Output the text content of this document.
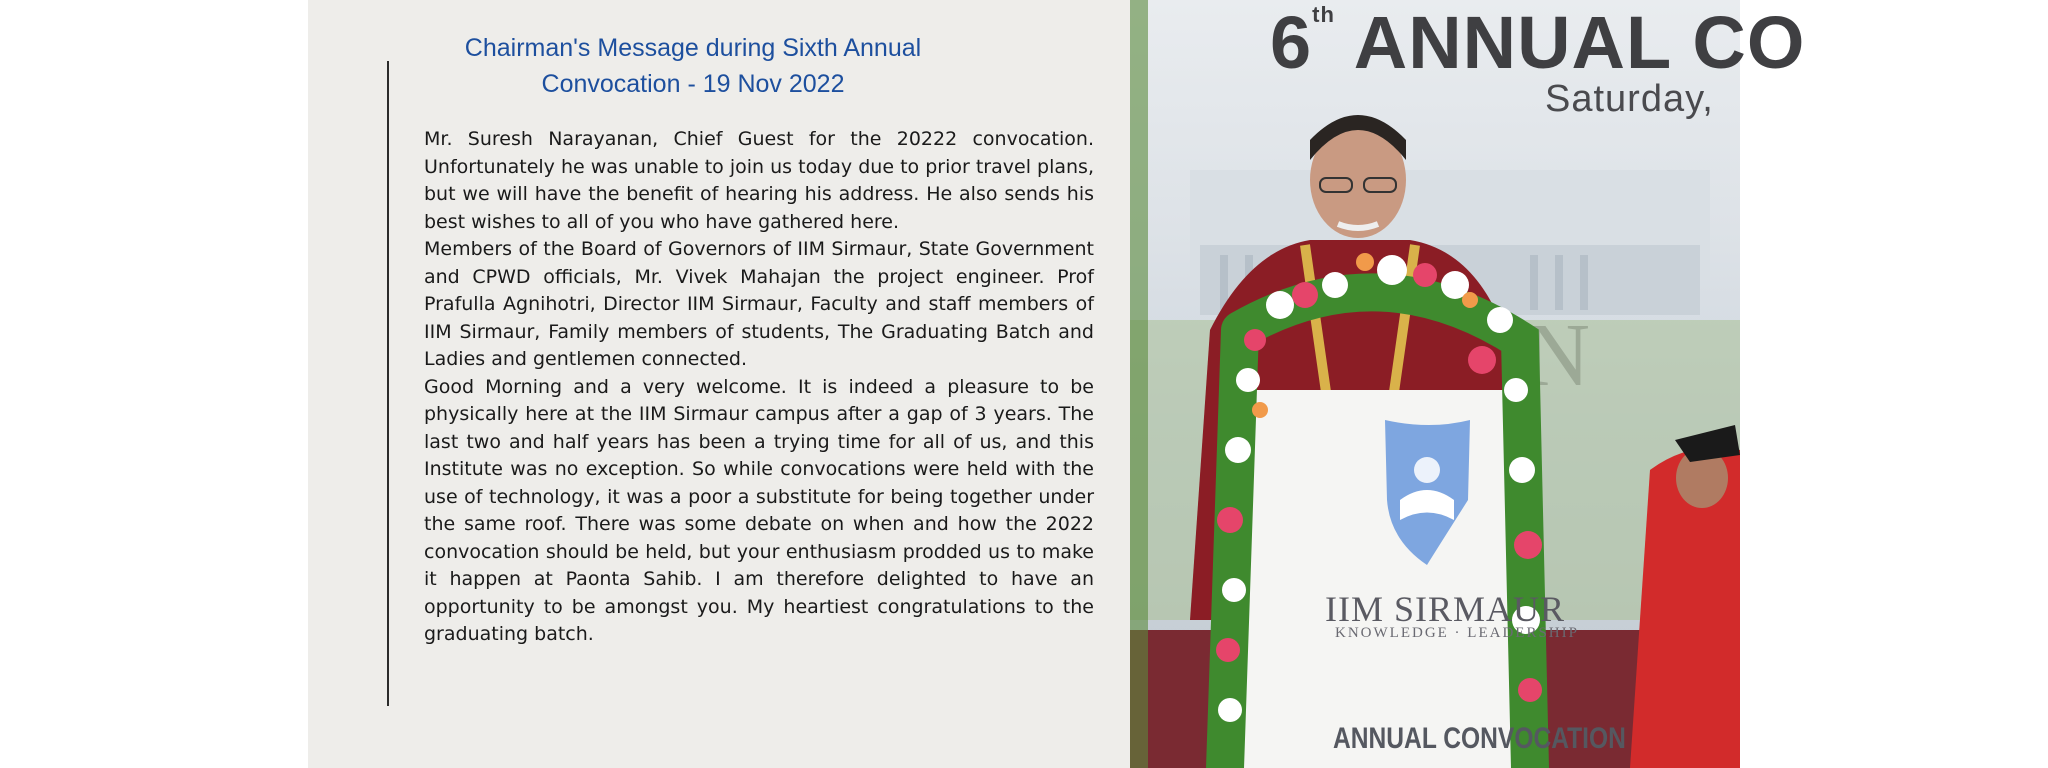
Chairman's Message during Sixth Annual
Convocation - 19 Nov 2022

Mr. Suresh Narayanan, Chief Guest for the 20222 convocation. Unfortunately he was unable to join us today due to prior travel plans, but we will have the benefit of hearing his address. He also sends his best wishes to all of you who have gathered here.

Members of the Board of Governors of IIM Sirmaur, State Government and CPWD officials, Mr. Vivek Mahajan the project engineer. Prof Prafulla Agnihotri, Director IIM Sirmaur, Faculty and staff members of IIM Sirmaur, Family members of students, The Graduating Batch and Ladies and gentlemen connected.

Good Morning and a very welcome. It is indeed a pleasure to be physically here at the IIM Sirmaur campus after a gap of 3 years. The last two and half years has been a trying time for all of us, and this Institute was no exception. So while convocations were held with the use of technology, it was a poor a substitute for being together under the same roof. There was some debate on when and how the 2022 convocation should be held, but your enthusiasm prodded us to make it happen at Paonta Sahib. I am therefore delighted to have an opportunity to be amongst you. My heartiest congratulations to the graduating batch.

6th ANNUAL CO
Saturday,
IIM SIRMAUR
KNOWLEDGE · LEADERSHIP
ANNUAL CONVOCATION
